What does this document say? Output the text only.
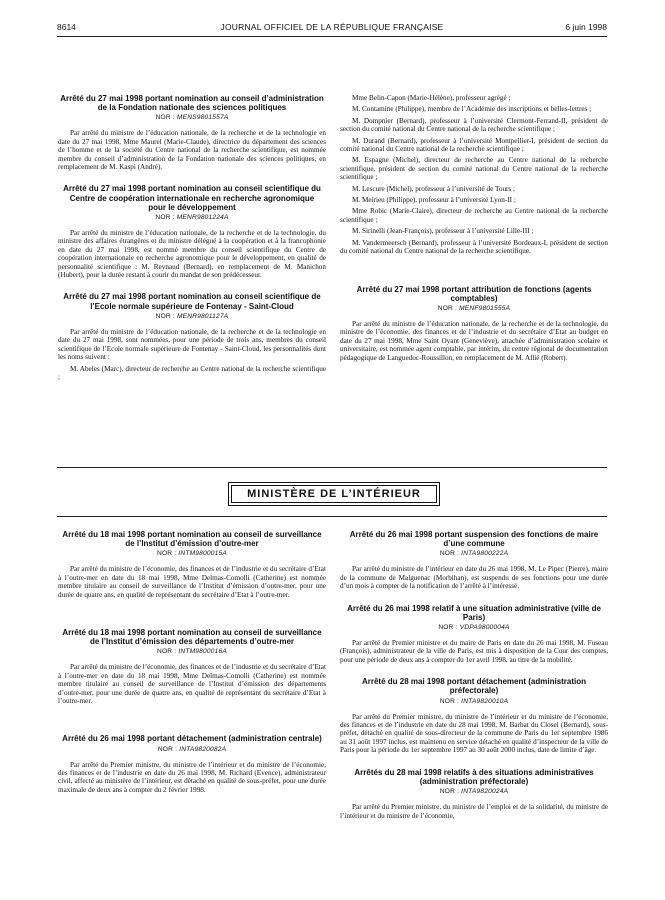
8614	JOURNAL OFFICIEL DE LA RÉPUBLIQUE FRANÇAISE	6 juin 1998
Arrêté du 27 mai 1998 portant nomination au conseil d’administration de la Fondation nationale des sciences politiques
NOR : MENS9801557A

Par arrêté du ministre de l’éducation nationale, de la recherche et de la technologie en date du 27 mai 1998, Mme Maurel (Marie-Claude), directrice du département des sciences de l’homme et de la société du Centre national de la recherche scientifique, est nommée membre du conseil d’administration de la Fondation nationale des sciences politiques, en remplacement de M. Kaspi (André).

Arrêté du 27 mai 1998 portant nomination au conseil scientifique du Centre de coopération internationale en recherche agronomique pour le développement
NOR : MENR9801224A

Par arrêté du ministre de l’éducation nationale, de la recherche et de la technologie, du ministre des affaires étrangères et du ministre délégué à la coopération et à la francophonie en date du 27 mai 1998, est nommé membre du conseil scientifique du Centre de coopération internationale en recherche agronomique pour le développement, en qualité de personnalité scientifique : M. Reynaud (Bernard), en remplacement de M. Manichon (Hubert), pour la durée restant à courir du mandat de son prédécesseur.

Arrêté du 27 mai 1998 portant nomination au conseil scientifique de l’Ecole normale supérieure de Fontenay - Saint-Cloud
NOR : MENR9801127A

Par arrêté du ministre de l’éducation nationale, de la recherche et de la technologie en date du 27 mai 1998, sont nommées, pour une période de trois ans, membres du conseil scientifique de l’Ecole normale supérieure de Fontenay - Saint-Cloud, les personnalités dont les noms suivent :

M. Abeles (Marc), directeur de recherche au Centre national de la recherche scientifique ;

Mme Belin-Capon (Marie-Hélène), professeur agrégé ;

M. Contamine (Philippe), membre de l’Académie des inscriptions et belles-lettres ;

M. Dompnier (Bernard), professeur à l’université Clermont-Ferrand-II, président de section du comité national du Centre national de la recherche scientifique ;

M. Durand (Bernard), professeur à l’université Montpellier-I, président de section du comité national du Centre national de la recherche scientifique ;

M. Espagne (Michel), directeur de recherche au Centre national de la recherche scientifique, président de section du comité national du Centre national de la recherche scientifique ;

M. Lescure (Michel), professeur à l’université de Tours ;

M. Meirieu (Philippe), professeur à l’université Lyon-II ;

Mme Robic (Marie-Claire), directeur de recherche au Centre national de la recherche scientifique ;

M. Sirinelli (Jean-François), professeur à l’université Lille-III ;

M. Vandermeersch (Bernard), professeur à l’université Bordeaux-I, président de section du comité national du Centre national de la recherche scientifique.

Arrêté du 27 mai 1998 portant attribution de fonctions (agents comptables)
NOR : MENF9801555A

Par arrêté du ministre de l’éducation nationale, de la recherche et de la technologie, du ministre de l’économie, des finances et de l’industrie et du secrétaire d’Etat au budget en date du 27 mai 1998, Mme Saint Oyant (Geneviève), attachée d’administration scolaire et universitaire, est nommée agent comptable, par intérim, du centre régional de documentation pédagogique de Languedoc-Roussillon, en remplacement de M. Allié (Robert).

MINISTÈRE DE L’INTÉRIEUR
Arrêté du 18 mai 1998 portant nomination au conseil de surveillance de l’Institut d’émission d’outre-mer
NOR : INTM9800015A

Par arrêté du ministre de l’économie, des finances et de l’industrie et du secrétaire d’Etat à l’outre-mer en date du 18 mai 1998, Mme Delmas-Comolli (Catherine) est nommée membre titulaire au conseil de surveillance de l’Institut d’émission d’outre-mer, pour une durée de quatre ans, en qualité de représentant du secrétaire d’Etat à l’outre-mer.

Arrêté du 18 mai 1998 portant nomination au conseil de surveillance de l’Institut d’émission des départements d’outre-mer
NOR : INTM9800016A

Par arrêté du ministre de l’économie, des finances et de l’industrie et du secrétaire d’Etat à l’outre-mer en date du 18 mai 1998, Mme Delmas-Comolli (Catherine) est nommée membre titulaire au conseil de surveillance de l’Institut d’émission des départements d’outre-mer, pour une durée de quatre ans, en qualité de représentant du secrétaire d’Etat à l’outre-mer.

Arrêté du 26 mai 1998 portant détachement (administration centrale)
NOR : INTA9820082A

Par arrêté du Premier ministre, du ministre de l’intérieur et du ministre de l’économie, des finances et de l’industrie en date du 26 mai 1998, M. Richard (Evence), administrateur civil, affecté au ministère de l’intérieur, est détaché en qualité de sous-préfet, pour une durée maximale de deux ans à compter du 2 février 1998.

Arrêté du 26 mai 1998 portant suspension des fonctions de maire d’une commune
NOR : INTA9800222A

Par arrêté du ministre de l’intérieur en date du 26 mai 1998, M. Le Pipec (Pierre), maire de la commune de Malguenac (Morbihan), est suspendu de ses fonctions pour une durée d’un mois à compter de la notification de l’arrêté à l’intéressé.

Arrêté du 26 mai 1998 relatif à une situation administrative (ville de Paris)
NOR : VDPA9800004A

Par arrêté du Premier ministre et du maire de Paris en date du 26 mai 1998, M. Fuseau (François), administrateur de la ville de Paris, est mis à disposition de la Cour des comptes, pour une période de deux ans à compter du 1er avril 1998, au titre de la mobilité.

Arrêté du 28 mai 1998 portant détachement (administration préfectorale)
NOR : INTA9820010A

Par arrêté du Premier ministre, du ministre de l’intérieur et du ministre de l’économie, des finances et de l’industrie en date du 28 mai 1998, M. Barbat du Closel (Bernard), sous-préfet, détaché en qualité de sous-directeur de la commune de Paris du 1er septembre 1986 au 31 août 1997 inclus, est maintenu en service détaché en qualité d’inspecteur de la ville de Paris pour la période du 1er septembre 1997 au 30 août 2000 inclus, date de limite d’âge.

Arrêtés du 28 mai 1998 relatifs à des situations administratives (administration préfectorale)
NOR : INTA9820024A

Par arrêté du Premier ministre, du ministre de l’emploi et de la solidarité, du ministre de l’intérieur et du ministre de l’économie,
